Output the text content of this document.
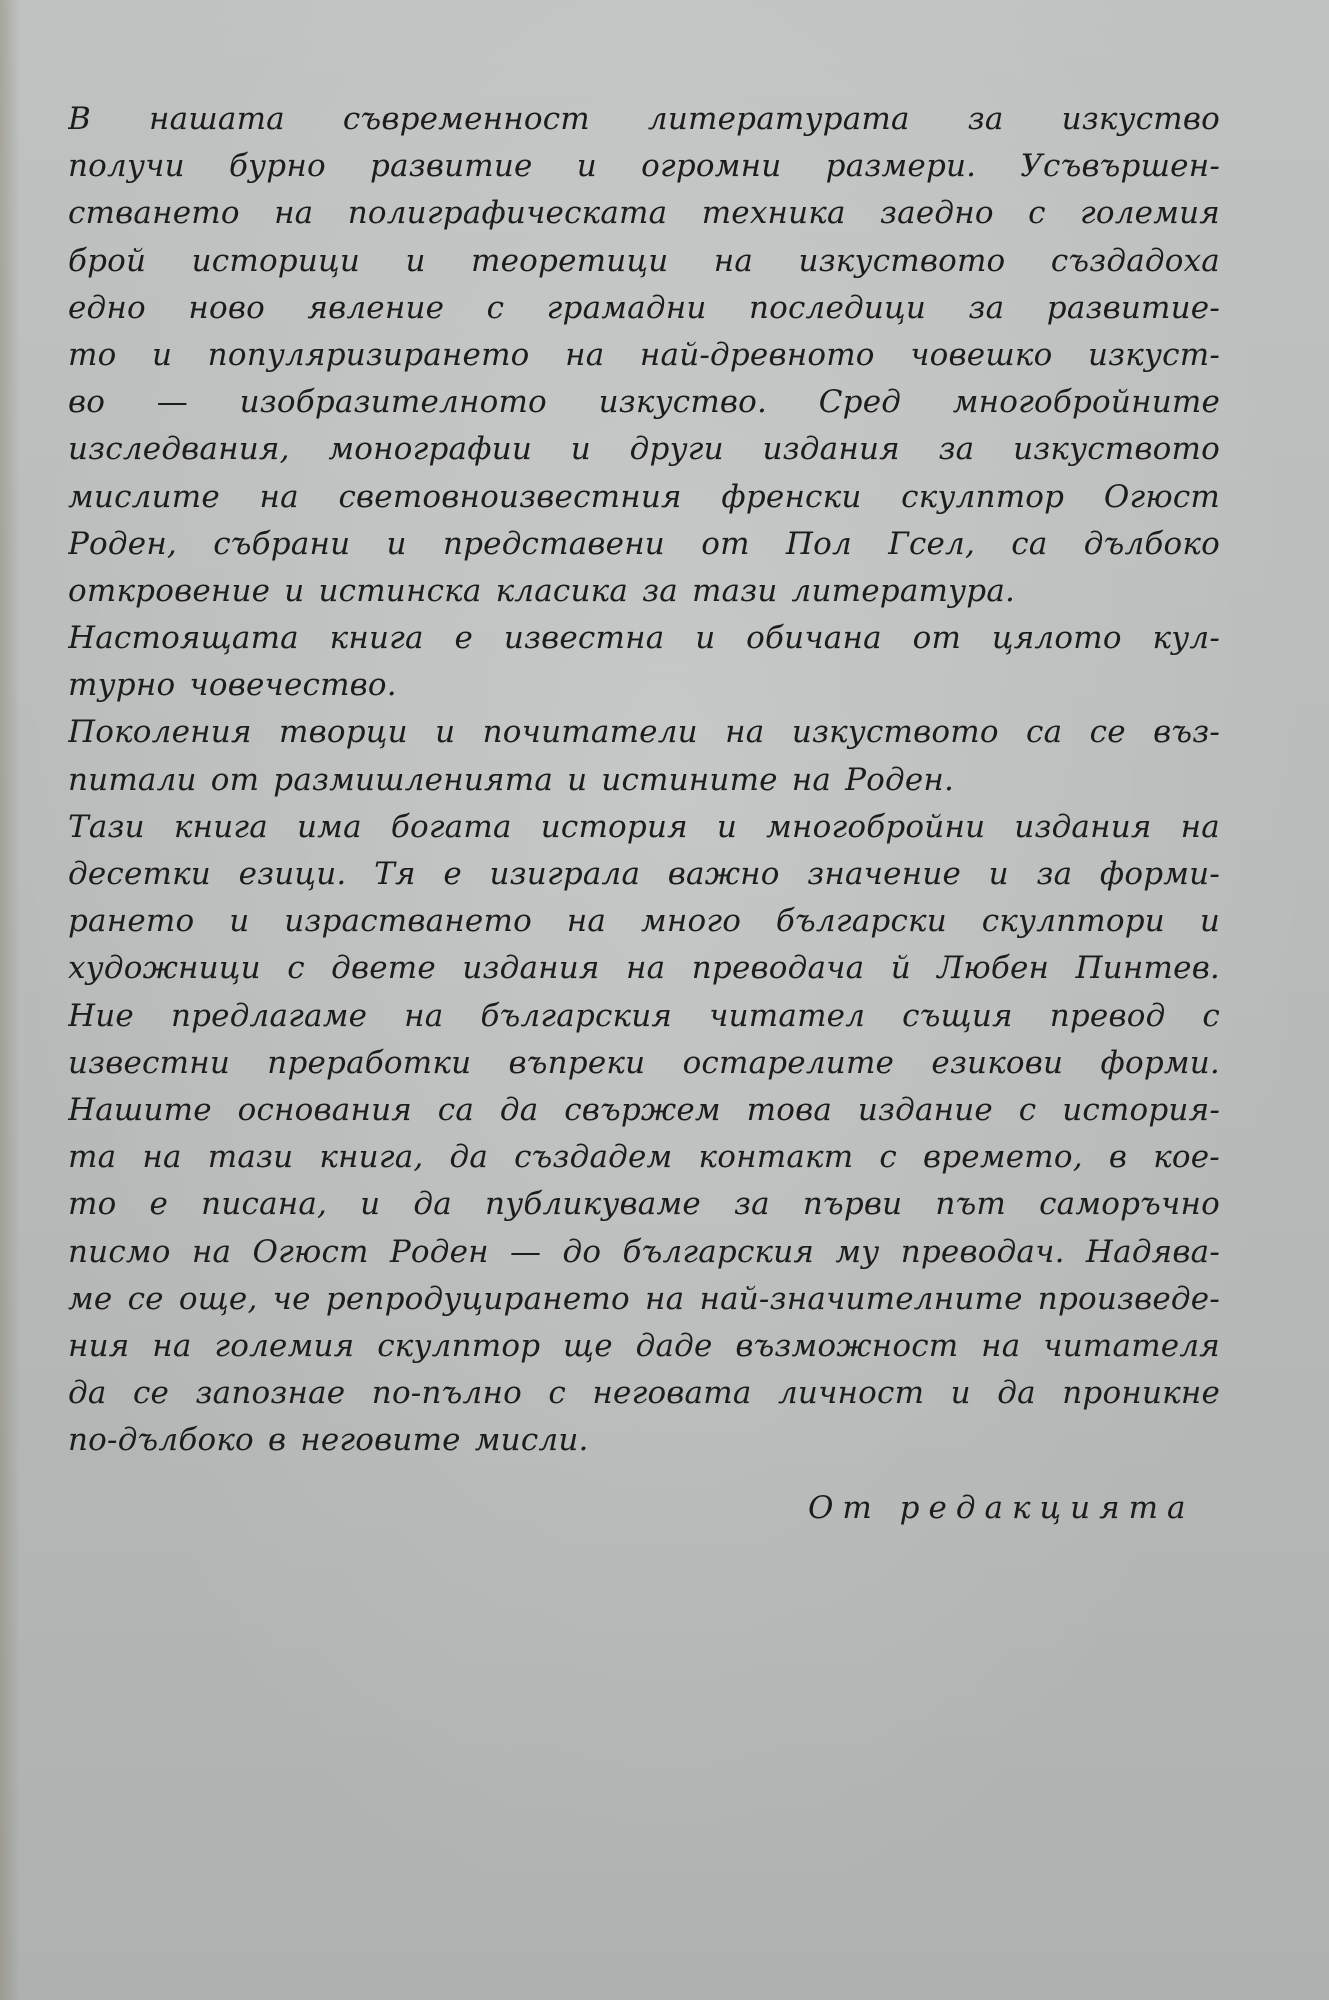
В нашата съвременност литературата за изкуство
получи бурно развитие и огромни размери. Усъвършен-
стването на полиграфическата техника заедно с големия
брой историци и теоретици на изкуството създадоха
едно ново явление с грамадни последици за развитие-
то и популяризирането на най-древното човешко изкуст-
во — изобразителното изкуство. Сред многобройните
изследвания, монографии и други издания за изкуството
мислите на световноизвестния френски скулптор Огюст
Роден, събрани и представени от Пол Гсел, са дълбоко
откровение и истинска класика за тази литература.
Настоящата книга е известна и обичана от цялото кул-
турно човечество.
Поколения творци и почитатели на изкуството са се въз-
питали от размишленията и истините на Роден.
Тази книга има богата история и многобройни издания на
десетки езици. Тя е изиграла важно значение и за форми-
рането и израстването на много български скулптори и
художници с двете издания на преводача й Любен Пинтев.
Ние предлагаме на българския читател същия превод с
известни преработки въпреки остарелите езикови форми.
Нашите основания са да свържем това издание с история-
та на тази книга, да създадем контакт с времето, в кое-
то е писана, и да публикуваме за първи път саморъчно
писмо на Огюст Роден — до българския му преводач. Надява-
ме се още, че репродуцирането на най-значителните произведе-
ния на големия скулптор ще даде възможност на читателя
да се запознае по-пълно с неговата личност и да проникне
по-дълбоко в неговите мисли.
От редакцията
